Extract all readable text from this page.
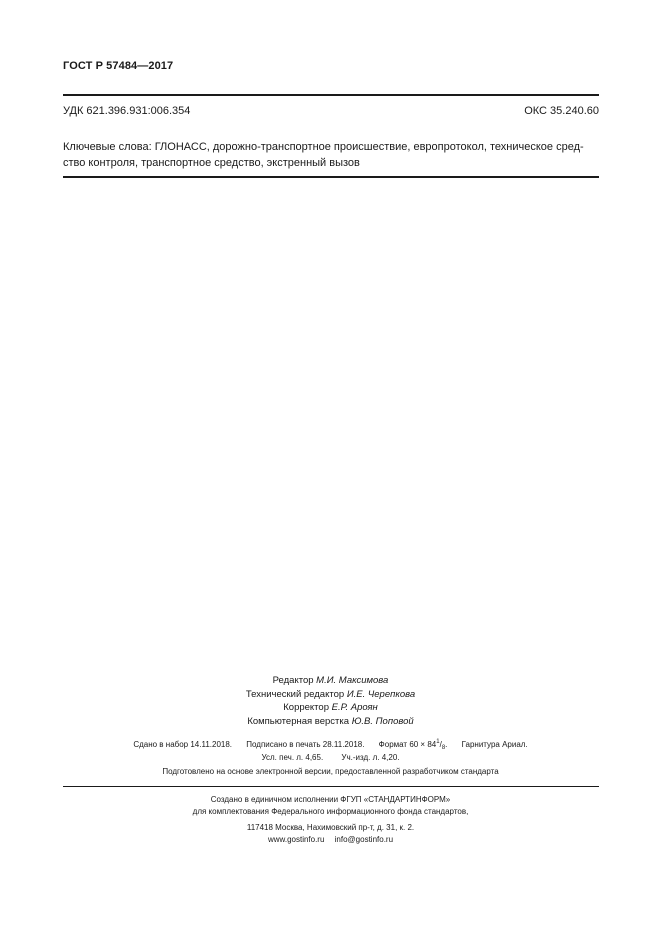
ГОСТ Р 57484—2017
УДК 621.396.931:006.354	ОКС 35.240.60
Ключевые слова: ГЛОНАСС, дорожно-транспортное происшествие, европротокол, техническое сред-
ство контроля, транспортное средство, экстренный вызов
Редактор М.И. Максимова
Технический редактор И.Е. Черепкова
Корректор Е.Р. Ароян
Компьютерная верстка Ю.В. Поповой
Сдано в набор 14.11.2018. Подписано в печать 28.11.2018. Формат $60 \times 84^1/_8$. Гарнитура Ариал.
Усл. печ. л. 4,65. Уч.-изд. л. 4,20.
Подготовлено на основе электронной версии, предоставленной разработчиком стандарта
Создано в единичном исполнении ФГУП «СТАНДАРТИНФОРМ»
для комплектования Федерального информационного фонда стандартов,
117418 Москва, Нахимовский пр-т, д. 31, к. 2.
www.gostinfo.ru info@gostinfo.ru
